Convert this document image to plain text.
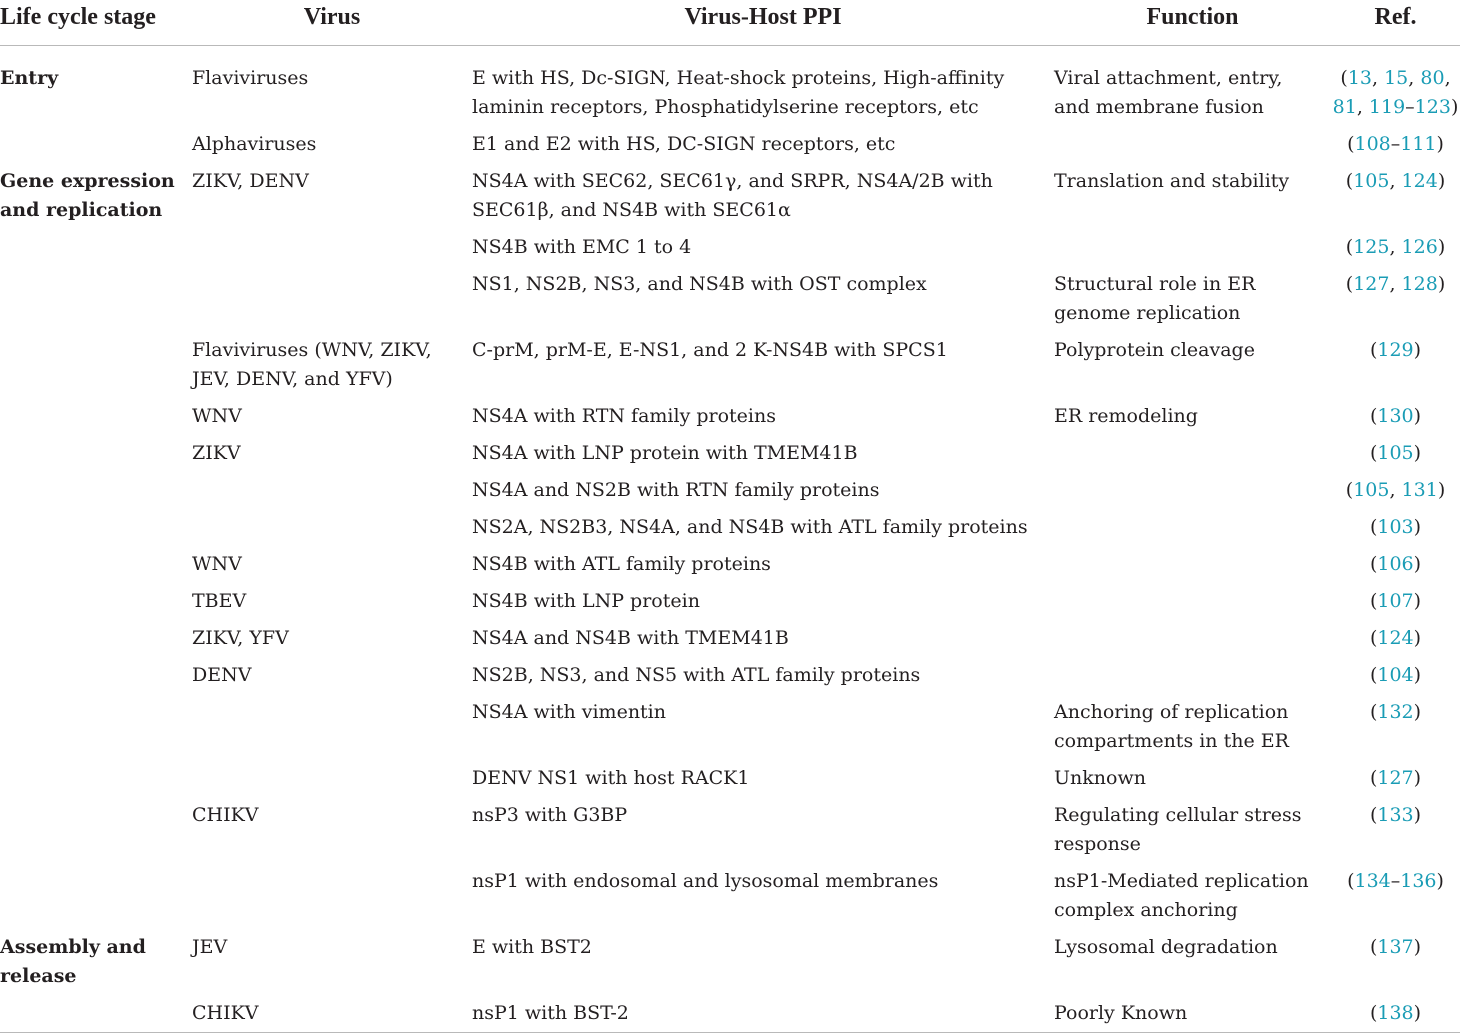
Life cycle stage	Virus	Virus-Host PPI	Function	Ref.
Entry	Flaviviruses	E with HS, Dc-SIGN, Heat-shock proteins, High-affinity laminin receptors, Phosphatidylserine receptors, etc	Viral attachment, entry, and membrane fusion	(13, 15, 80, 81, 119–123)
	Alphaviruses	E1 and E2 with HS, DC-SIGN receptors, etc		(108–111)
Gene expression and replication	ZIKV, DENV	NS4A with SEC62, SEC61γ, and SRPR, NS4A/2B with SEC61β, and NS4B with SEC61α	Translation and stability	(105, 124)
		NS4B with EMC 1 to 4		(125, 126)
		NS1, NS2B, NS3, and NS4B with OST complex	Structural role in ER genome replication	(127, 128)
	Flaviviruses (WNV, ZIKV, JEV, DENV, and YFV)	C-prM, prM-E, E-NS1, and 2 K-NS4B with SPCS1	Polyprotein cleavage	(129)
	WNV	NS4A with RTN family proteins	ER remodeling	(130)
	ZIKV	NS4A with LNP protein with TMEM41B		(105)
		NS4A and NS2B with RTN family proteins		(105, 131)
		NS2A, NS2B3, NS4A, and NS4B with ATL family proteins		(103)
	WNV	NS4B with ATL family proteins		(106)
	TBEV	NS4B with LNP protein		(107)
	ZIKV, YFV	NS4A and NS4B with TMEM41B		(124)
	DENV	NS2B, NS3, and NS5 with ATL family proteins		(104)
		NS4A with vimentin	Anchoring of replication compartments in the ER	(132)
		DENV NS1 with host RACK1	Unknown	(127)
	CHIKV	nsP3 with G3BP	Regulating cellular stress response	(133)
		nsP1 with endosomal and lysosomal membranes	nsP1-Mediated replication complex anchoring	(134–136)
Assembly and release	JEV	E with BST2	Lysosomal degradation	(137)
	CHIKV	nsP1 with BST-2	Poorly Known	(138)
